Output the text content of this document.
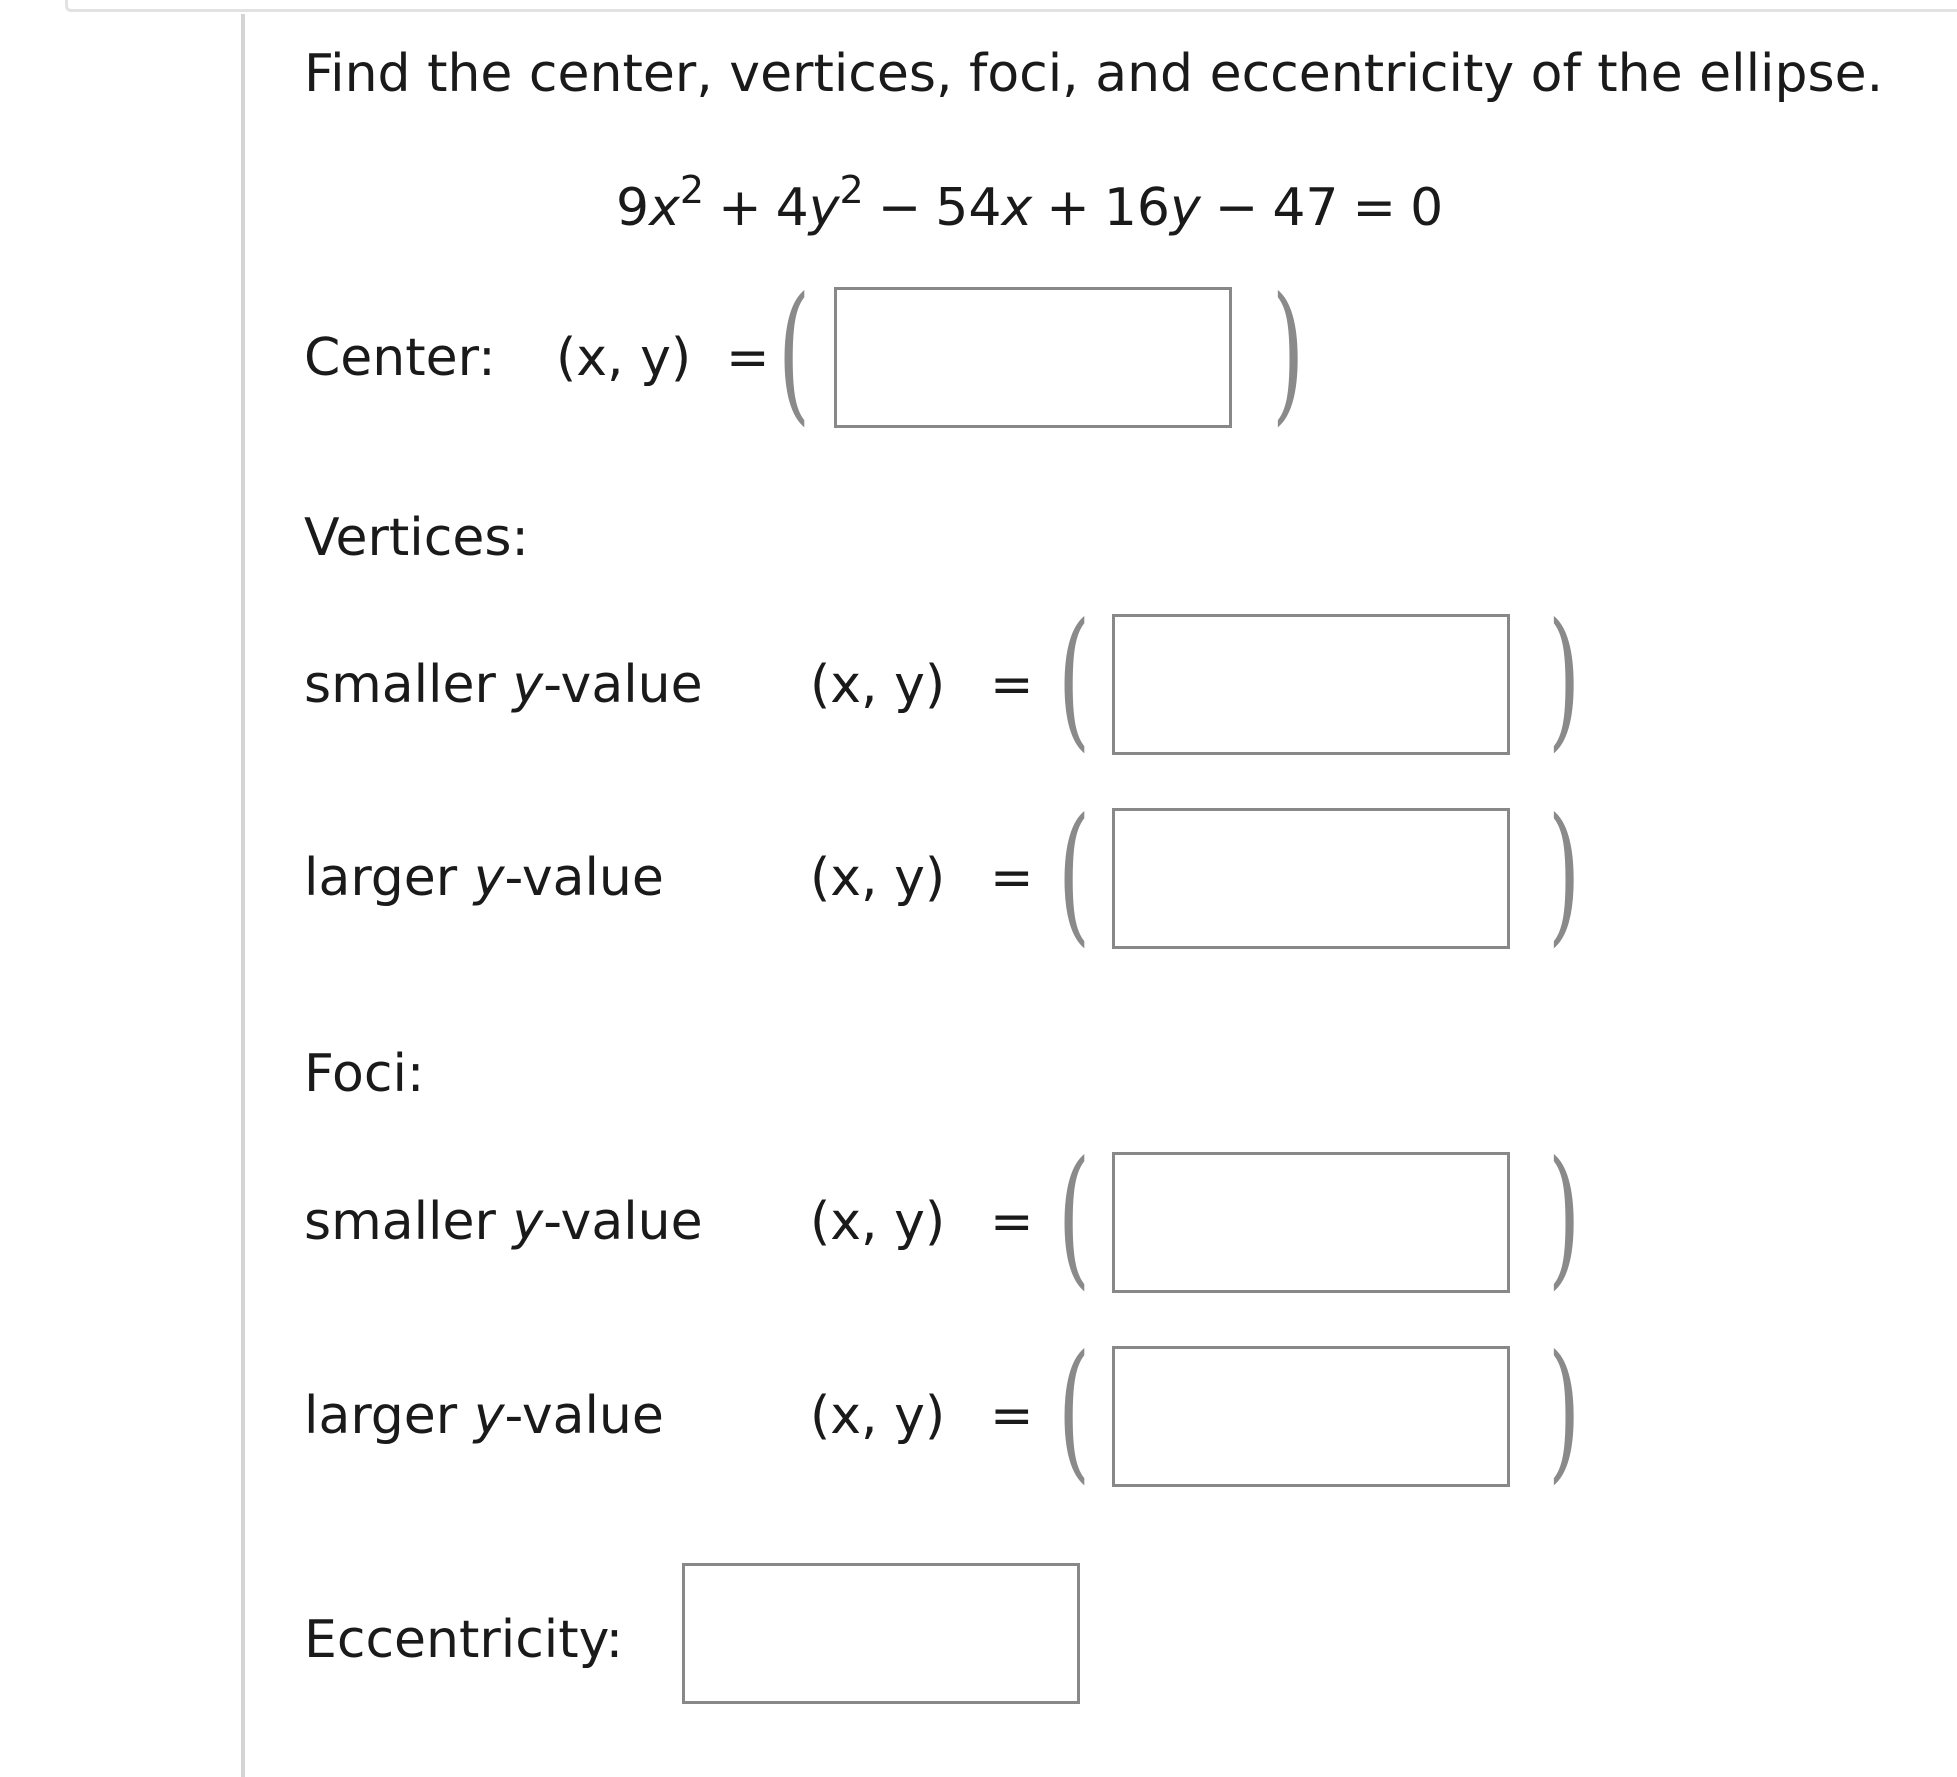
Find the center, vertices, foci, and eccentricity of the ellipse.
$9x^2 + 4y^2 - 54x + 16y - 47 = 0$
Center: (x, y) = (	)
Vertices:
smaller y-value (x, y) = (	)
larger y-value	(x, y) = (	)
Foci:
smaller y-value (x, y) = (	)
larger y-value	(x, y) = (	)
Eccentricity:
